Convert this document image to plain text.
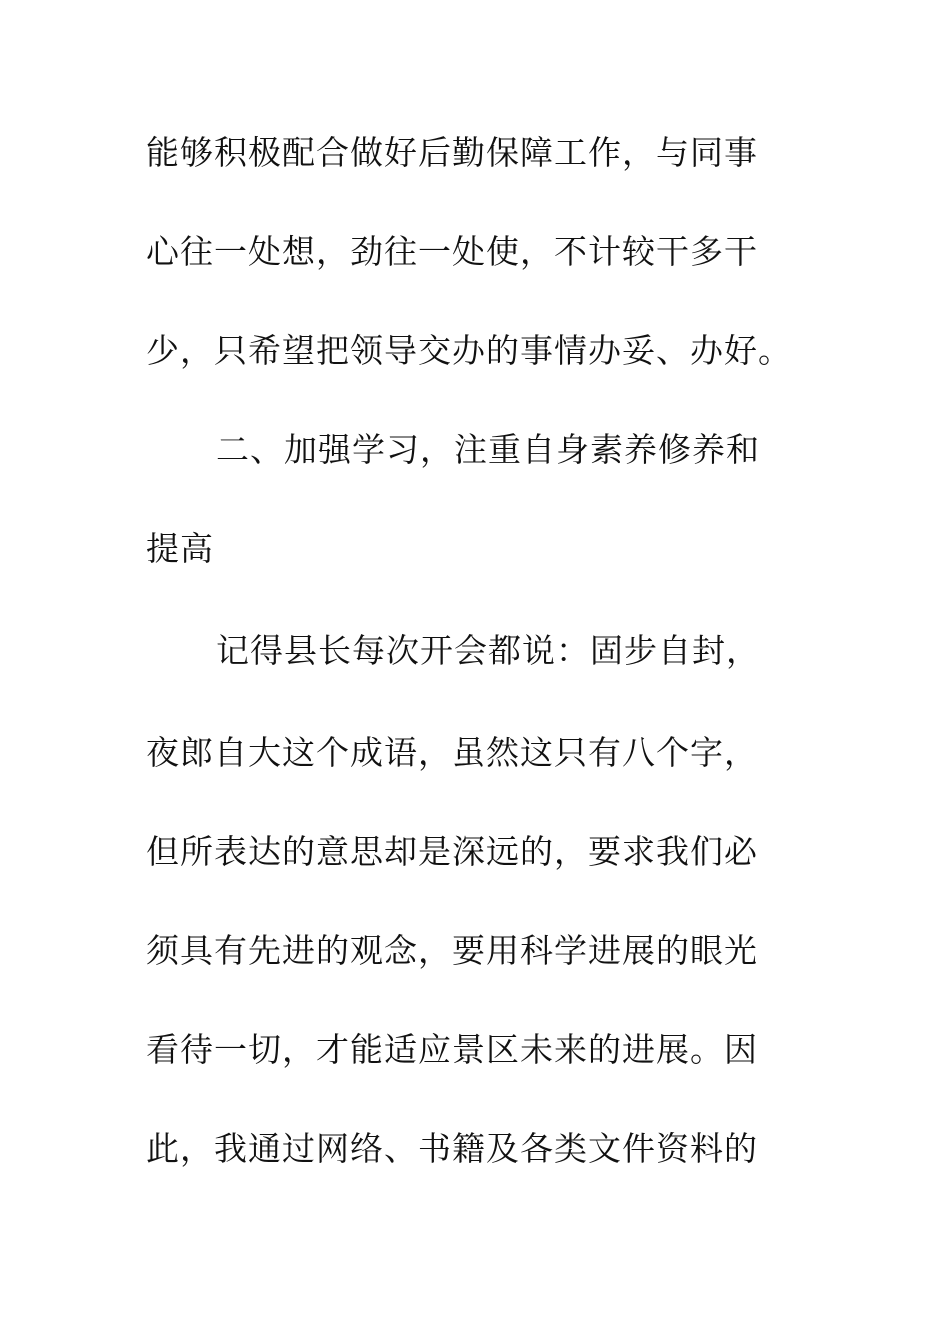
能够积极配合做好后勤保障工作，与同事

心往一处想，劲往一处使，不计较干多干

少，只希望把领导交办的事情办妥、办好。

二、加强学习，注重自身素养修养和

提高

记得县长每次开会都说：固步自封，

夜郎自大这个成语，虽然这只有八个字，

但所表达的意思却是深远的，要求我们必

须具有先进的观念，要用科学进展的眼光

看待一切，才能适应景区未来的进展。因

此，我通过网络、书籍及各类文件资料的
